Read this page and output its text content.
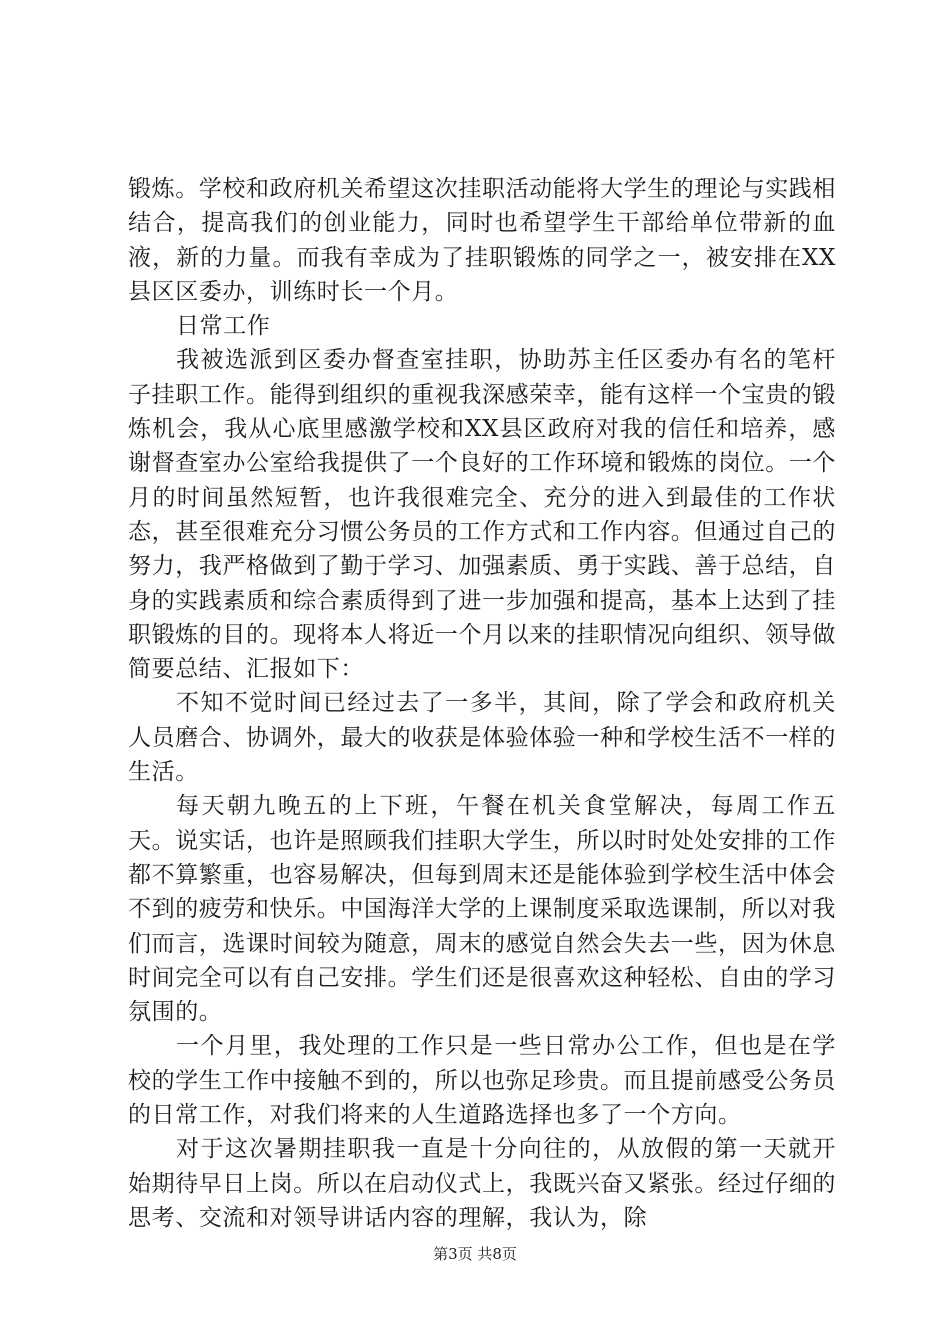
锻炼。学校和政府机关希望这次挂职活动能将大学生的理论与实践相结合，提高我们的创业能力，同时也希望学生干部给单位带新的血液，新的力量。而我有幸成为了挂职锻炼的同学之一，被安排在XX县区区委办，训练时长一个月。

日常工作

我被选派到区委办督查室挂职，协助苏主任区委办有名的笔杆子挂职工作。能得到组织的重视我深感荣幸，能有这样一个宝贵的锻炼机会，我从心底里感激学校和XX县区政府对我的信任和培养，感谢督查室办公室给我提供了一个良好的工作环境和锻炼的岗位。一个月的时间虽然短暂，也许我很难完全、充分的进入到最佳的工作状态，甚至很难充分习惯公务员的工作方式和工作内容。但通过自己的努力，我严格做到了勤于学习、加强素质、勇于实践、善于总结，自身的实践素质和综合素质得到了进一步加强和提高，基本上达到了挂职锻炼的目的。现将本人将近一个月以来的挂职情况向组织、领导做简要总结、汇报如下：

不知不觉时间已经过去了一多半，其间，除了学会和政府机关人员磨合、协调外，最大的收获是体验体验一种和学校生活不一样的生活。

每天朝九晚五的上下班，午餐在机关食堂解决，每周工作五天。说实话，也许是照顾我们挂职大学生，所以时时处处安排的工作都不算繁重，也容易解决，但每到周末还是能体验到学校生活中体会不到的疲劳和快乐。中国海洋大学的上课制度采取选课制，所以对我们而言，选课时间较为随意，周末的感觉自然会失去一些，因为休息时间完全可以有自己安排。学生们还是很喜欢这种轻松、自由的学习氛围的。

一个月里，我处理的工作只是一些日常办公工作，但也是在学校的学生工作中接触不到的，所以也弥足珍贵。而且提前感受公务员的日常工作，对我们将来的人生道路选择也多了一个方向。

对于这次暑期挂职我一直是十分向往的，从放假的第一天就开始期待早日上岗。所以在启动仪式上，我既兴奋又紧张。经过仔细的思考、交流和对领导讲话内容的理解，我认为，除

第3页 共8页
